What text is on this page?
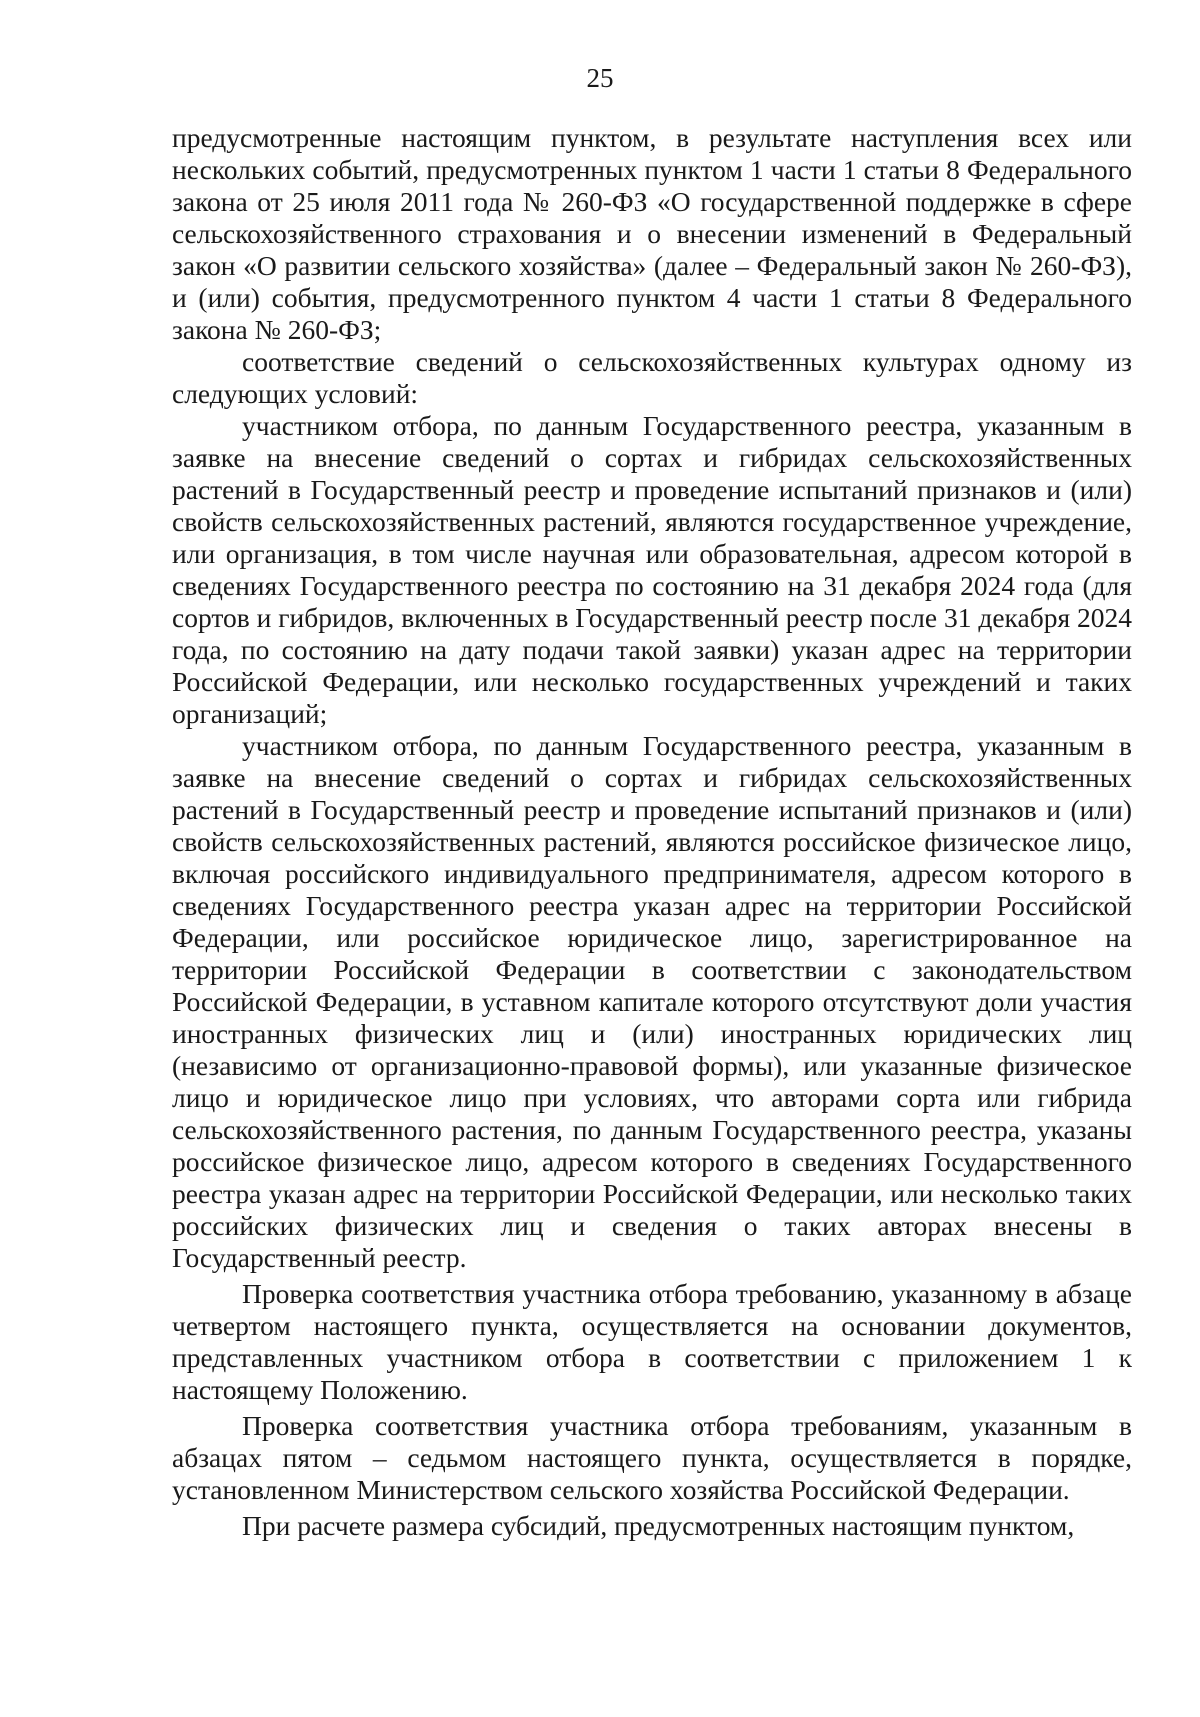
25

предусмотренные настоящим пунктом, в результате наступления всех или нескольких событий, предусмотренных пунктом 1 части 1 статьи 8 Федерального закона от 25 июля 2011 года № 260-ФЗ «О государственной поддержке в сфере сельскохозяйственного страхования и о внесении изменений в Федеральный закон «О развитии сельского хозяйства» (далее – Федеральный закон № 260-ФЗ), и (или) события, предусмотренного пунктом 4 части 1 статьи 8 Федерального закона № 260-ФЗ;

соответствие сведений о сельскохозяйственных культурах одному из следующих условий:

участником отбора, по данным Государственного реестра, указанным в заявке на внесение сведений о сортах и гибридах сельскохозяйственных растений в Государственный реестр и проведение испытаний признаков и (или) свойств сельскохозяйственных растений, являются государственное учреждение, или организация, в том числе научная или образовательная, адресом которой в сведениях Государственного реестра по состоянию на 31 декабря 2024 года (для сортов и гибридов, включенных в Государственный реестр после 31 декабря 2024 года, по состоянию на дату подачи такой заявки) указан адрес на территории Российской Федерации, или несколько государственных учреждений и таких организаций;

участником отбора, по данным Государственного реестра, указанным в заявке на внесение сведений о сортах и гибридах сельскохозяйственных растений в Государственный реестр и проведение испытаний признаков и (или) свойств сельскохозяйственных растений, являются российское физическое лицо, включая российского индивидуального предпринимателя, адресом которого в сведениях Государственного реестра указан адрес на территории Российской Федерации, или российское юридическое лицо, зарегистрированное на территории Российской Федерации в соответствии с законодательством Российской Федерации, в уставном капитале которого отсутствуют доли участия иностранных физических лиц и (или) иностранных юридических лиц (независимо от организационно-правовой формы), или указанные физическое лицо и юридическое лицо при условиях, что авторами сорта или гибрида сельскохозяйственного растения, по данным Государственного реестра, указаны российское физическое лицо, адресом которого в сведениях Государственного реестра указан адрес на территории Российской Федерации, или несколько таких российских физических лиц и сведения о таких авторах внесены в Государственный реестр.

Проверка соответствия участника отбора требованию, указанному в абзаце четвертом настоящего пункта, осуществляется на основании документов, представленных участником отбора в соответствии с приложением 1 к настоящему Положению.

Проверка соответствия участника отбора требованиям, указанным в абзацах пятом – седьмом настоящего пункта, осуществляется в порядке, установленном Министерством сельского хозяйства Российской Федерации.

При расчете размера субсидий, предусмотренных настоящим пунктом,
